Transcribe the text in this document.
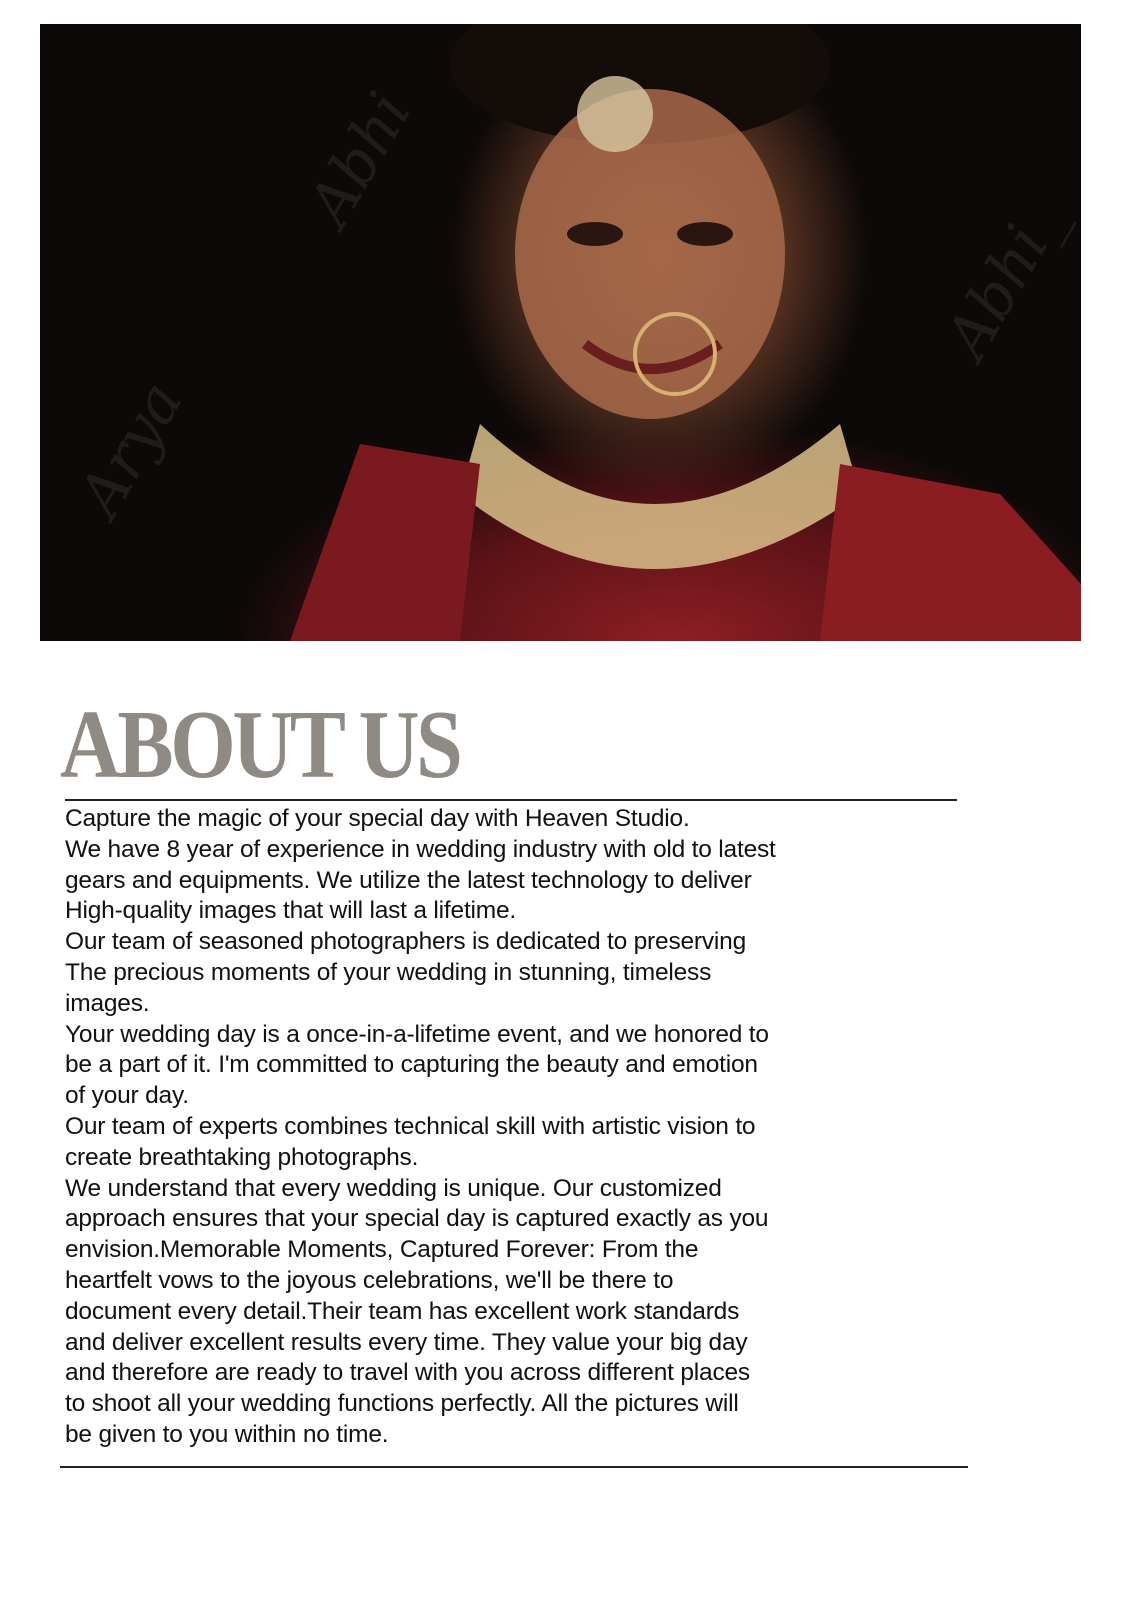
Abhi
Abhi_
Arya
ABOUT US
Capture the magic of your special day with Heaven Studio.
We have 8 year of experience in wedding industry with old to latest
gears and equipments. We utilize the latest technology to deliver
High-quality images that will last a lifetime.
Our team of seasoned photographers is dedicated to preserving
The precious moments of your wedding in stunning, timeless
images.
Your wedding day is a once-in-a-lifetime event, and we honored to
be a part of it. I'm committed to capturing the beauty and emotion
of your day.
Our team of experts combines technical skill with artistic vision to
create breathtaking photographs.
We understand that every wedding is unique. Our customized
approach ensures that your special day is captured exactly as you
envision.Memorable Moments, Captured Forever: From the
heartfelt vows to the joyous celebrations, we'll be there to
document every detail.Their team has excellent work standards
and deliver excellent results every time. They value your big day
and therefore are ready to travel with you across different places
to shoot all your wedding functions perfectly. All the pictures will
be given to you within no time.
